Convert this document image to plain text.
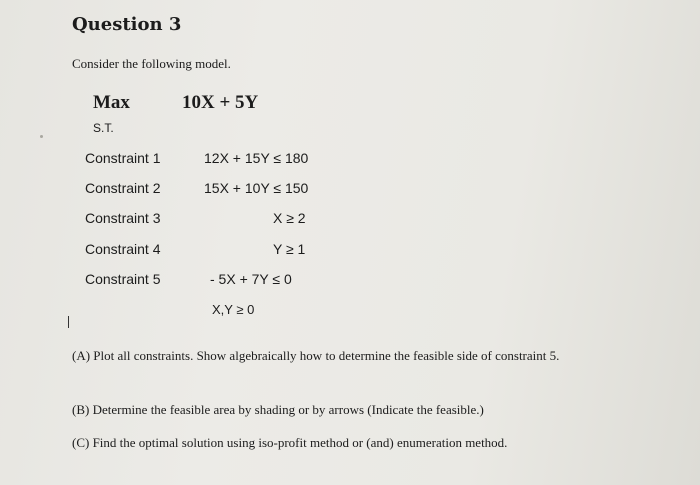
Question 3
Consider the following model.
Max	10X + 5Y
S.T.
Constraint 1	12X + 15Y ≤ 180
Constraint 2	15X + 10Y ≤ 150
Constraint 3	X ≥ 2
Constraint 4	Y ≥ 1
Constraint 5	- 5X + 7Y ≤ 0
X,Y ≥ 0
(A) Plot all constraints. Show algebraically how to determine the feasible side of constraint 5.
(B) Determine the feasible area by shading or by arrows (Indicate the feasible.)
(C) Find the optimal solution using iso-profit method or (and) enumeration method.
